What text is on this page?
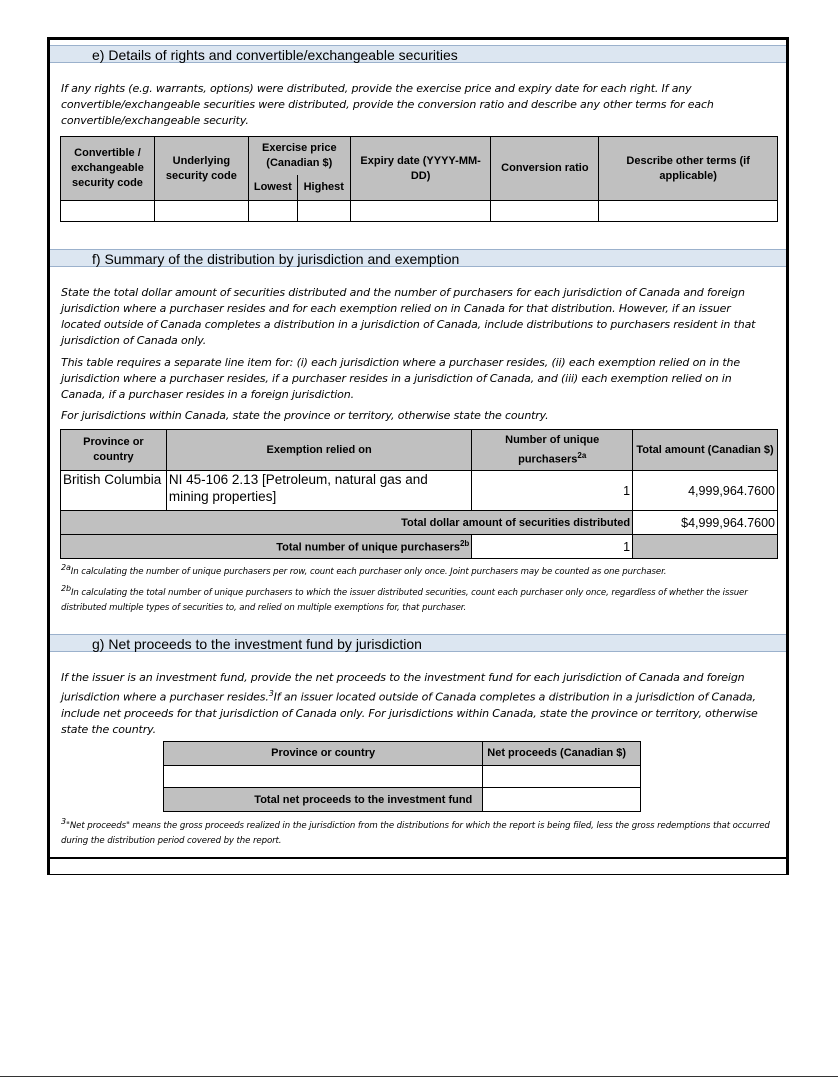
e) Details of rights and convertible/exchangeable securities
If any rights (e.g. warrants, options) were distributed, provide the exercise price and expiry date for each right. If any convertible/exchangeable securities were distributed, provide the conversion ratio and describe any other terms for each convertible/exchangeable security.
Convertible / exchangeable security code	Underlying security code	Exercise price (Canadian $)		Expiry date (YYYY-MM-DD)	Conversion ratio	Describe other terms (if applicable)
		Lowest	Highest			

f) Summary of the distribution by jurisdiction and exemption
State the total dollar amount of securities distributed and the number of purchasers for each jurisdiction of Canada and foreign jurisdiction where a purchaser resides and for each exemption relied on in Canada for that distribution. However, if an issuer located outside of Canada completes a distribution in a jurisdiction of Canada, include distributions to purchasers resident in that jurisdiction of Canada only.
This table requires a separate line item for: (i) each jurisdiction where a purchaser resides, (ii) each exemption relied on in the jurisdiction where a purchaser resides, if a purchaser resides in a jurisdiction of Canada, and (iii) each exemption relied on in Canada, if a purchaser resides in a foreign jurisdiction.
For jurisdictions within Canada, state the province or territory, otherwise state the country.
Province or country	Exemption relied on	Number of unique purchasers$^{2a}$	Total amount (Canadian $)
British Columbia	NI 45-106 2.13 [Petroleum, natural gas and mining properties]	1	4,999,964.7600
Total dollar amount of securities distributed			$4,999,964.7600
Total number of unique purchasers$^{2b}$		1	
$^{2a}$In calculating the number of unique purchasers per row, count each purchaser only once. Joint purchasers may be counted as one purchaser.
$^{2b}$In calculating the total number of unique purchasers to which the issuer distributed securities, count each purchaser only once, regardless of whether the issuer distributed multiple types of securities to, and relied on multiple exemptions for, that purchaser.
g) Net proceeds to the investment fund by jurisdiction
If the issuer is an investment fund, provide the net proceeds to the investment fund for each jurisdiction of Canada and foreign jurisdiction where a purchaser resides.$^3$If an issuer located outside of Canada completes a distribution in a jurisdiction of Canada, include net proceeds for that jurisdiction of Canada only. For jurisdictions within Canada, state the province or territory, otherwise state the country.
Province or country	Net proceeds (Canadian $)

Total net proceeds to the investment fund	
$^3$"Net proceeds" means the gross proceeds realized in the jurisdiction from the distributions for which the report is being filed, less the gross redemptions that occurred during the distribution period covered by the report.
